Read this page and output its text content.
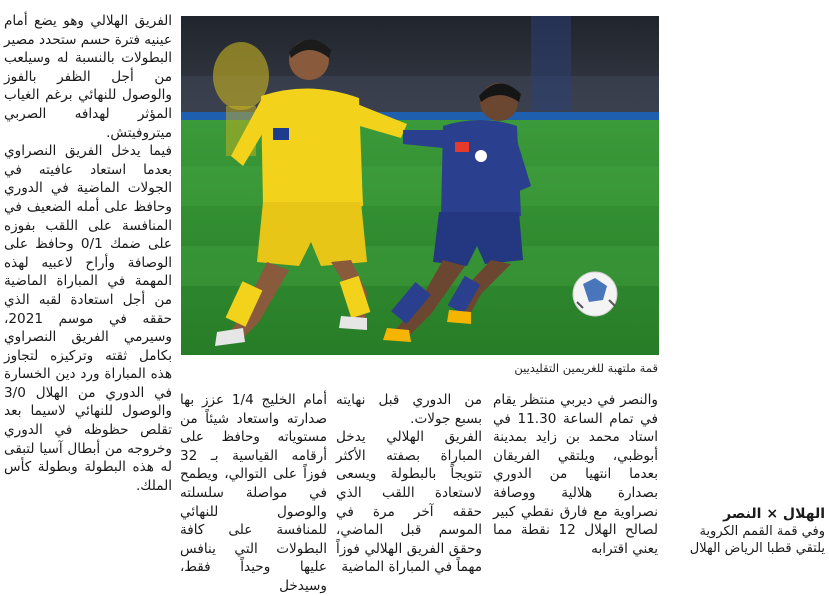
الفريق الهلالي وهو يضع أمام عينيه فترة حسم ستحدد مصير البطولات بالنسبة له وسيلعب من أجل الظفر بالفوز والوصول للنهائي برغم الغياب المؤثر لهدافه الصربي ميتروفيتش.

فيما يدخل الفريق النصراوي بعدما استعاد عافيته في الجولات الماضية في الدوري وحافظ على أمله الضعيف في المنافسة على اللقب بفوزه على ضمك 0/1 وحافظ على الوصافة وأراح لاعبيه لهذه المهمة في المباراة الماضية من أجل استعادة لقبه الذي حققه في موسم 2021، وسيرمي الفريق النصراوي بكامل ثقته وتركيزه لتجاوز هذه المباراة ورد دين الخسارة في الدوري من الهلال 3/0 والوصول للنهائي لاسيما بعد تقلص حظوظه في الدوري وخروجه من أبطال آسيا لتبقى له هذه البطولة وبطولة كأس الملك.

قمة ملتهبة للغريمين التقليديين

والنصر في ديربي منتظر يقام في تمام الساعة 11.30 في استاد محمد بن زايد بمدينة أبوظبي، ويلتقي الفريقان بعدما انتهيا من الدوري بصدارة هلالية ووصافة نصراوية مع فارق نقطي كبير لصالح الهلال 12 نقطة مما يعني اقترابه

من الدوري قبل نهايته بسبع جولات.

الفريق الهلالي يدخل المباراة بصفته الأكثر تتويجاً بالبطولة ويسعى لاستعادة اللقب الذي حققه آخر مرة في الموسم قبل الماضي، وحقق الفريق الهلالي فوزاً مهماً في المباراة الماضية

أمام الخليج 1/4 عزز بها صدارته واستعاد شيئاً من مستوياته وحافظ على أرقامه القياسية بـ 32 فوزاً على التوالي، ويطمح في مواصلة سلسلته والوصول للنهائي للمنافسة على كافة البطولات التي ينافس عليها وحيداً فقط، وسيدخل

الهلال × النصر
وفي قمة القمم الكروية
يلتقي قطبا الرياض الهلال
